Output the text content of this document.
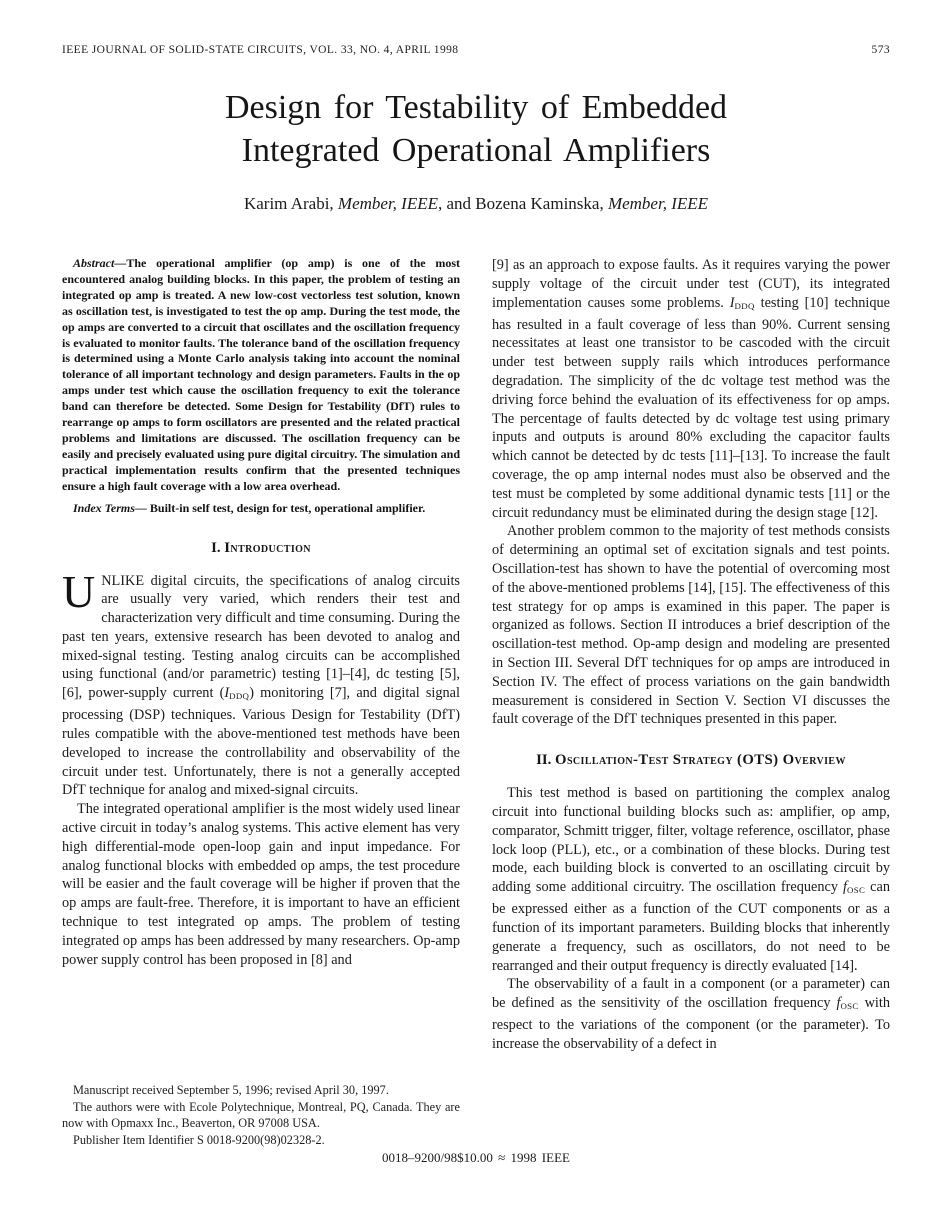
IEEE JOURNAL OF SOLID-STATE CIRCUITS, VOL. 33, NO. 4, APRIL 1998	573
Design for Testability of Embedded
Integrated Operational Amplifiers
Karim Arabi, Member, IEEE, and Bozena Kaminska, Member, IEEE

Abstract—The operational amplifier (op amp) is one of the most encountered analog building blocks. In this paper, the problem of testing an integrated op amp is treated. A new low-cost vectorless test solution, known as oscillation test, is investigated to test the op amp. During the test mode, the op amps are converted to a circuit that oscillates and the oscillation frequency is evaluated to monitor faults. The tolerance band of the oscillation frequency is determined using a Monte Carlo analysis taking into account the nominal tolerance of all important technology and design parameters. Faults in the op amps under test which cause the oscillation frequency to exit the tolerance band can therefore be detected. Some Design for Testability (DfT) rules to rearrange op amps to form oscillators are presented and the related practical problems and limitations are discussed. The oscillation frequency can be easily and precisely evaluated using pure digital circuitry. The simulation and practical implementation results confirm that the presented techniques ensure a high fault coverage with a low area overhead.

Index Terms— Built-in self test, design for test, operational amplifier.

I. Introduction

UNLIKE digital circuits, the specifications of analog circuits are usually very varied, which renders their test and characterization very difficult and time consuming. During the past ten years, extensive research has been devoted to analog and mixed-signal testing. Testing analog circuits can be accomplished using functional (and/or parametric) testing [1]–[4], dc testing [5], [6], power-supply current $(I_{DDQ})$ monitoring [7], and digital signal processing (DSP) techniques. Various Design for Testability (DfT) rules compatible with the above-mentioned test methods have been developed to increase the controllability and observability of the circuit under test. Unfortunately, there is not a generally accepted DfT technique for analog and mixed-signal circuits.

The integrated operational amplifier is the most widely used linear active circuit in today’s analog systems. This active element has very high differential-mode open-loop gain and input impedance. For analog functional blocks with embedded op amps, the test procedure will be easier and the fault coverage will be higher if proven that the op amps are fault-free. Therefore, it is important to have an efficient technique to test integrated op amps. The problem of testing integrated op amps has been addressed by many researchers. Op-amp power supply control has been proposed in [8] and

Manuscript received September 5, 1996; revised April 30, 1997.

The authors were with Ecole Polytechnique, Montreal, PQ, Canada. They are now with Opmaxx Inc., Beaverton, OR 97008 USA.

Publisher Item Identifier S 0018-9200(98)02328-2.

[9] as an approach to expose faults. As it requires varying the power supply voltage of the circuit under test (CUT), its integrated implementation causes some problems. $I_{DDQ}$ testing [10] technique has resulted in a fault coverage of less than 90%. Current sensing necessitates at least one transistor to be cascoded with the circuit under test between supply rails which introduces performance degradation. The simplicity of the dc voltage test method was the driving force behind the evaluation of its effectiveness for op amps. The percentage of faults detected by dc voltage test using primary inputs and outputs is around 80% excluding the capacitor faults which cannot be detected by dc tests [11]–[13]. To increase the fault coverage, the op amp internal nodes must also be observed and the test must be completed by some additional dynamic tests [11] or the circuit redundancy must be eliminated during the design stage [12].

Another problem common to the majority of test methods consists of determining an optimal set of excitation signals and test points. Oscillation-test has shown to have the potential of overcoming most of the above-mentioned problems [14], [15]. The effectiveness of this test strategy for op amps is examined in this paper. The paper is organized as follows. Section II introduces a brief description of the oscillation-test method. Op-amp design and modeling are presented in Section III. Several DfT techniques for op amps are introduced in Section IV. The effect of process variations on the gain bandwidth measurement is considered in Section V. Section VI discusses the fault coverage of the DfT techniques presented in this paper.

II. Oscillation-Test Strategy (OTS) Overview

This test method is based on partitioning the complex analog circuit into functional building blocks such as: amplifier, op amp, comparator, Schmitt trigger, filter, voltage reference, oscillator, phase lock loop (PLL), etc., or a combination of these blocks. During test mode, each building block is converted to an oscillating circuit by adding some additional circuitry. The oscillation frequency $f_{OSC}$ can be expressed either as a function of the CUT components or as a function of its important parameters. Building blocks that inherently generate a frequency, such as oscillators, do not need to be rearranged and their output frequency is directly evaluated [14].

The observability of a fault in a component (or a parameter) can be defined as the sensitivity of the oscillation frequency $f_{OSC}$ with respect to the variations of the component (or the parameter). To increase the observability of a defect in

0018–9200/98$10.00 ≈ 1998 IEEE
